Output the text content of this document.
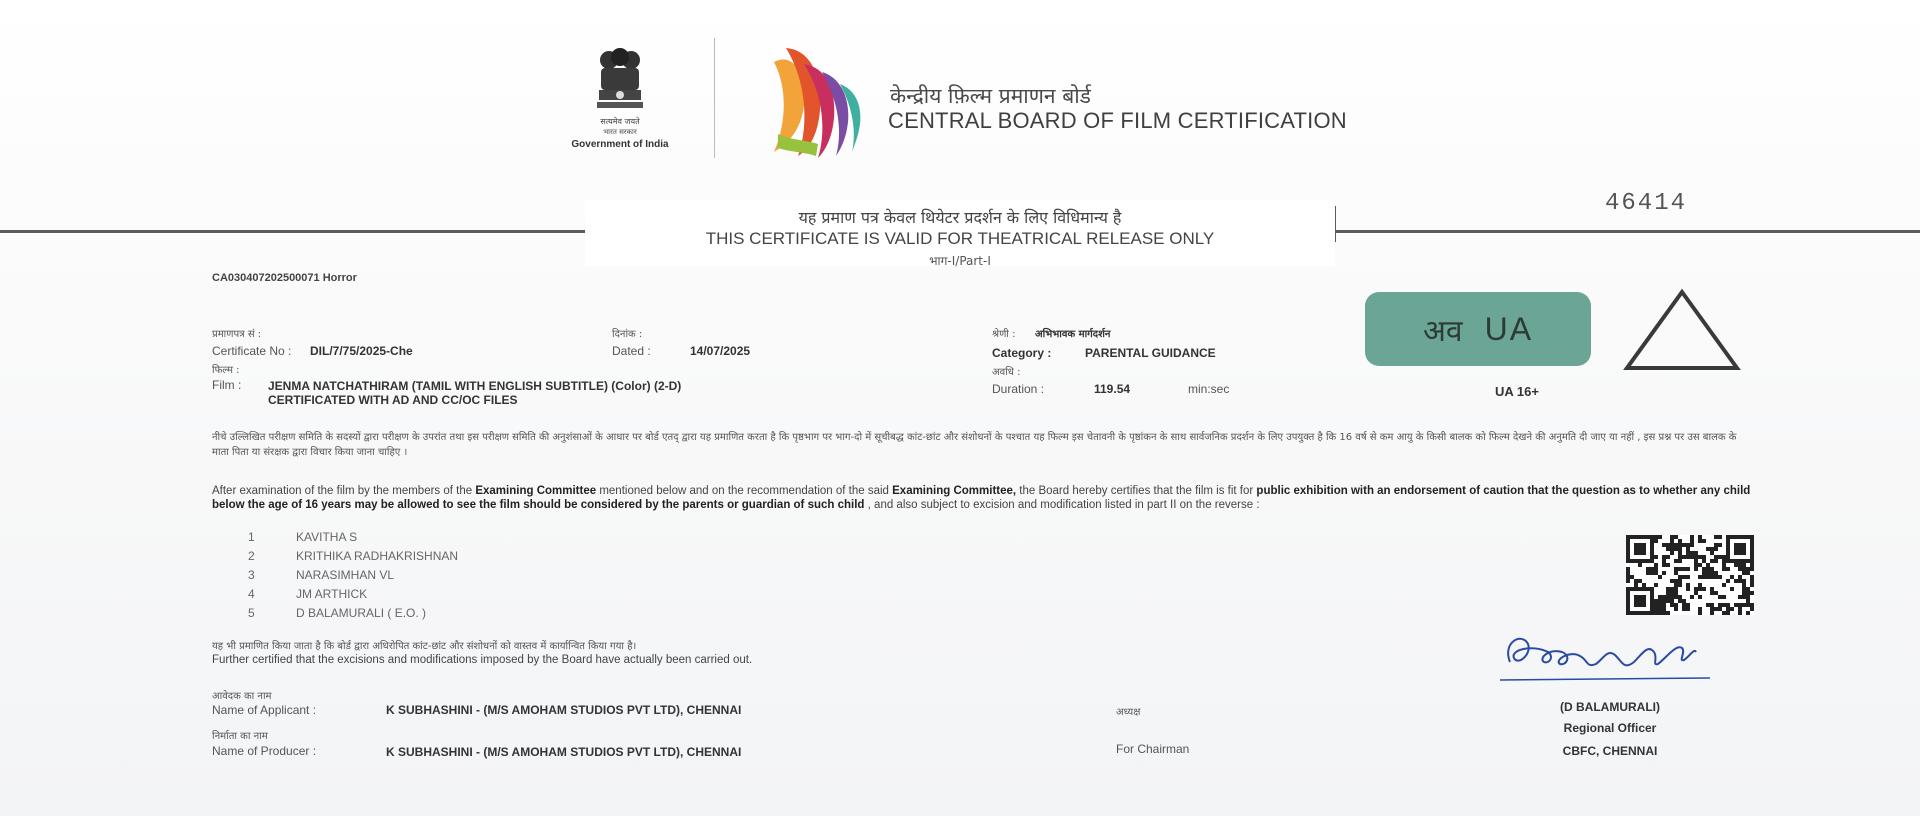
सत्यमेव जयते
भारत सरकार
Government of India
केन्द्रीय फ़िल्म प्रमाणन बोर्ड
CENTRAL BOARD OF FILM CERTIFICATION
46414
यह प्रमाण पत्र केवल थियेटर प्रदर्शन के लिए विधिमान्य है
THIS CERTIFICATE IS VALID FOR THEATRICAL RELEASE ONLY
भाग-I/Part-I
CA030407202500071 Horror
प्रमाणपत्र सं :
Certificate No : DIL/7/75/2025-Che
दिनांक :
Dated :	14/07/2025
श्रेणी : अभिभावक मार्गदर्शन
Category :	PARENTAL GUIDANCE
फिल्म :
Film : JENMA NATCHATHIRAM (TAMIL WITH ENGLISH SUBTITLE) (Color) (2-D)
CERTIFICATED WITH AD AND CC/OC FILES
अवधि :
Duration :	119.54	min:sec
अव UA
UA 16+
नीचे उल्लिखित परीक्षण समिति के सदस्यों द्वारा परीक्षण के उपरांत तथा इस परीक्षण समिति की अनुशंसाओं के आधार पर बोर्ड एतद् द्वारा यह प्रमाणित करता है कि पृष्ठभाग पर भाग-दो में सूचीबद्ध कांट-छांट और संशोधनों के पश्चात यह फिल्म इस चेतावनी के पृष्ठांकन के साथ सार्वजनिक प्रदर्शन के लिए उपयुक्त है कि 16 वर्ष से कम आयु के किसी बालक को फिल्म देखने की अनुमति दी जाए या नहीं , इस प्रश्न पर उस बालक के माता पिता या संरक्षक द्वारा विचार किया जाना चाहिए ।
After examination of the film by the members of the Examining Committee mentioned below and on the recommendation of the said Examining Committee, the Board hereby certifies that the film is fit for public exhibition with an endorsement of caution that the question as to whether any child below the age of 16 years may be allowed to see the film should be considered by the parents or guardian of such child , and also subject to excision and modification listed in part II on the reverse :
1	KAVITHA S
2	KRITHIKA RADHAKRISHNAN
3	NARASIMHAN VL
4	JM ARTHICK
5	D BALAMURALI ( E.O. )
यह भी प्रमाणित किया जाता है कि बोर्ड द्वारा अधिरोपित कांट-छांट और संशोधनों को वास्तव में कार्यान्वित किया गया है।
Further certified that the excisions and modifications imposed by the Board have actually been carried out.
आवेदक का नाम
Name of Applicant :	K SUBHASHINI - (M/S AMOHAM STUDIOS PVT LTD), CHENNAI
निर्माता का नाम
Name of Producer :	K SUBHASHINI - (M/S AMOHAM STUDIOS PVT LTD), CHENNAI
अध्यक्ष
For Chairman
(D BALAMURALI)
Regional Officer
CBFC, CHENNAI
